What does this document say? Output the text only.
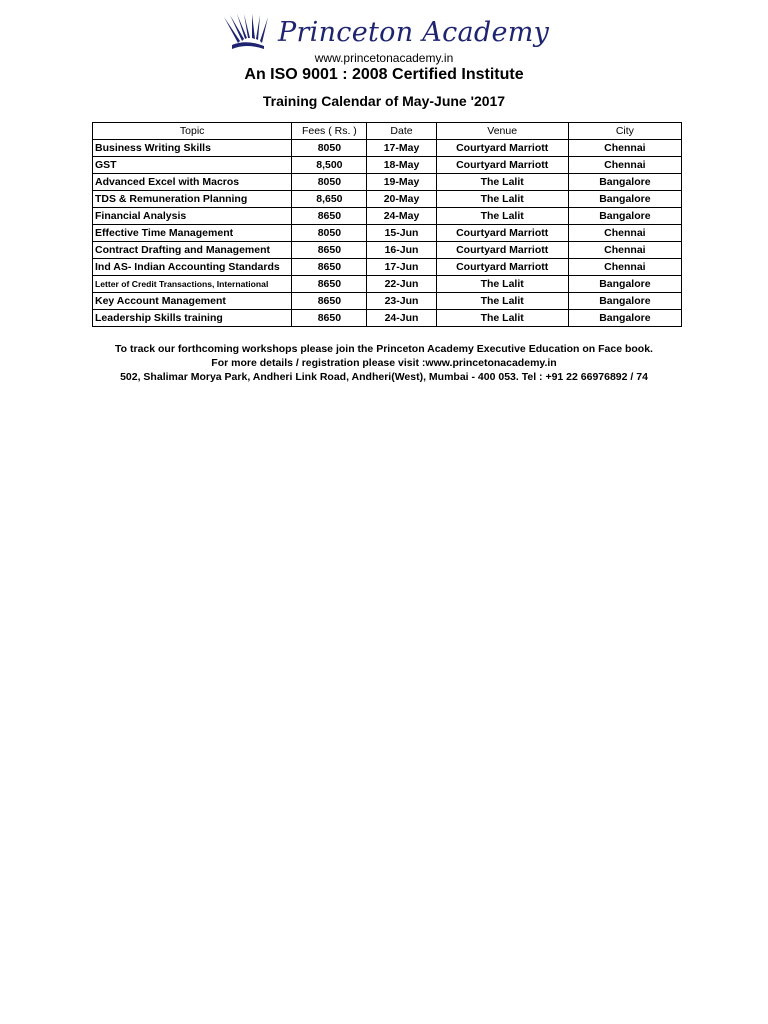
Princeton Academy
www.princetonacademy.in
An ISO 9001 : 2008 Certified Institute
Training Calendar of May-June '2017
Topic	Fees ( Rs. )	Date	Venue	City
Business Writing Skills	8050	17-May	Courtyard Marriott	Chennai
GST	8,500	18-May	Courtyard Marriott	Chennai
Advanced Excel with Macros	8050	19-May	The Lalit	Bangalore
TDS & Remuneration Planning	8,650	20-May	The Lalit	Bangalore
Financial Analysis	8650	24-May	The Lalit	Bangalore
Effective Time Management	8050	15-Jun	Courtyard Marriott	Chennai
Contract Drafting and Management	8650	16-Jun	Courtyard Marriott	Chennai
Ind AS- Indian Accounting Standards	8650	17-Jun	Courtyard Marriott	Chennai
Letter of Credit Transactions, International	8650	22-Jun	The Lalit	Bangalore
Key Account Management	8650	23-Jun	The Lalit	Bangalore
Leadership Skills training	8650	24-Jun	The Lalit	Bangalore
To track our forthcoming workshops please join the Princeton Academy Executive Education on Face book.
For more details / registration please visit :www.princetonacademy.in
502, Shalimar Morya Park, Andheri Link Road, Andheri(West), Mumbai - 400 053. Tel : +91 22 66976892 / 74
